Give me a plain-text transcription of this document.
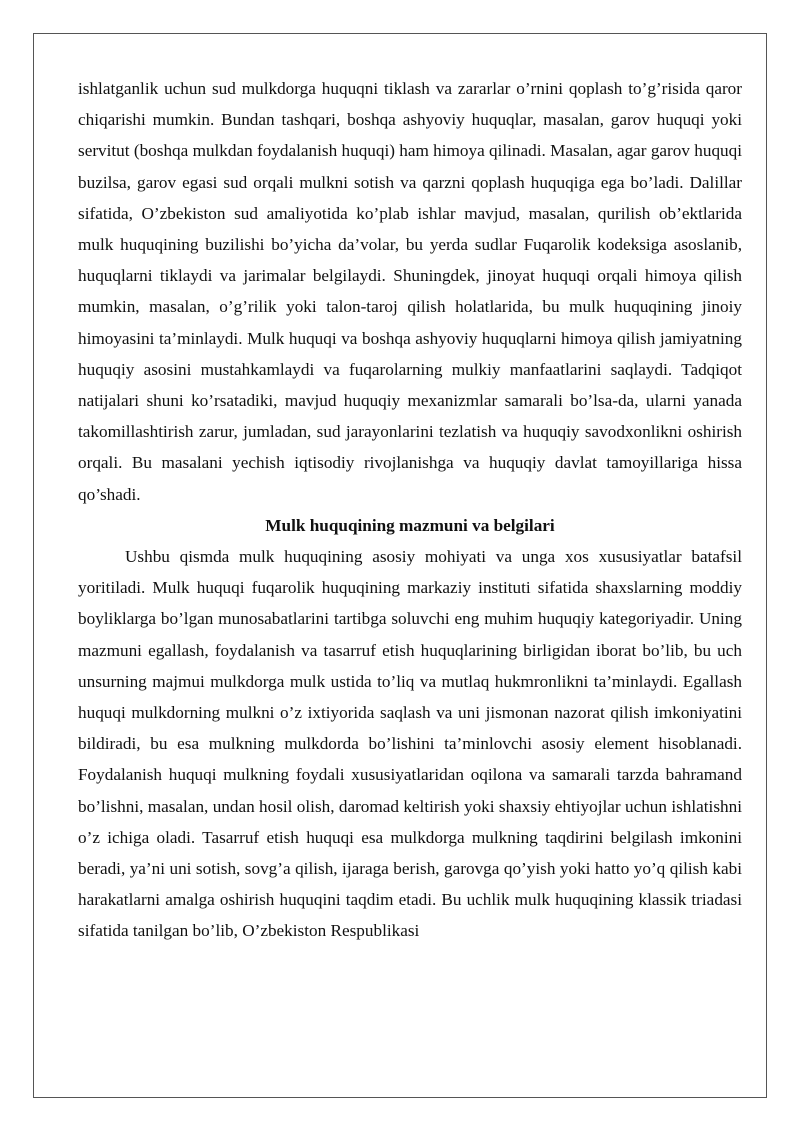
ishlatganlik uchun sud mulkdorga huquqni tiklash va zararlar o’rnini qoplash to’g’risida qaror chiqarishi mumkin. Bundan tashqari, boshqa ashyoviy huquqlar, masalan, garov huquqi yoki servitut (boshqa mulkdan foydalanish huquqi) ham himoya qilinadi. Masalan, agar garov huquqi buzilsa, garov egasi sud orqali mulkni sotish va qarzni qoplash huquqiga ega bo’ladi. Dalillar sifatida, O’zbekiston sud amaliyotida ko’plab ishlar mavjud, masalan, qurilish ob’ektlarida mulk huquqining buzilishi bo’yicha da’volar, bu yerda sudlar Fuqarolik kodeksiga asoslanib, huquqlarni tiklaydi va jarimalar belgilaydi. Shuningdek, jinoyat huquqi orqali himoya qilish mumkin, masalan, o’g’rilik yoki talon-taroj qilish holatlarida, bu mulk huquqining jinoiy himoyasini ta’minlaydi. Mulk huquqi va boshqa ashyoviy huquqlarni himoya qilish jamiyatning huquqiy asosini mustahkamlaydi va fuqarolarning mulkiy manfaatlarini saqlaydi. Tadqiqot natijalari shuni ko’rsatadiki, mavjud huquqiy mexanizmlar samarali bo’lsa-da, ularni yanada takomillashtirish zarur, jumladan, sud jarayonlarini tezlatish va huquqiy savodxonlikni oshirish orqali. Bu masalani yechish iqtisodiy rivojlanishga va huquqiy davlat tamoyillariga hissa qo’shadi.

Mulk huquqining mazmuni va belgilari

Ushbu qismda mulk huquqining asosiy mohiyati va unga xos xususiyatlar batafsil yoritiladi. Mulk huquqi fuqarolik huquqining markaziy instituti sifatida shaxslarning moddiy boyliklarga bo’lgan munosabatlarini tartibga soluvchi eng muhim huquqiy kategoriyadir. Uning mazmuni egallash, foydalanish va tasarruf etish huquqlarining birligidan iborat bo’lib, bu uch unsurning majmui mulkdorga mulk ustida to’liq va mutlaq hukmronlikni ta’minlaydi. Egallash huquqi mulkdorning mulkni o’z ixtiyorida saqlash va uni jismonan nazorat qilish imkoniyatini bildiradi, bu esa mulkning mulkdorda bo’lishini ta’minlovchi asosiy element hisoblanadi. Foydalanish huquqi mulkning foydali xususiyatlaridan oqilona va samarali tarzda bahramand bo’lishni, masalan, undan hosil olish, daromad keltirish yoki shaxsiy ehtiyojlar uchun ishlatishni o’z ichiga oladi. Tasarruf etish huquqi esa mulkdorga mulkning taqdirini belgilash imkonini beradi, ya’ni uni sotish, sovg’a qilish, ijaraga berish, garovga qo’yish yoki hatto yo’q qilish kabi harakatlarni amalga oshirish huquqini taqdim etadi. Bu uchlik mulk huquqining klassik triadasi sifatida tanilgan bo’lib, O’zbekiston Respublikasi
